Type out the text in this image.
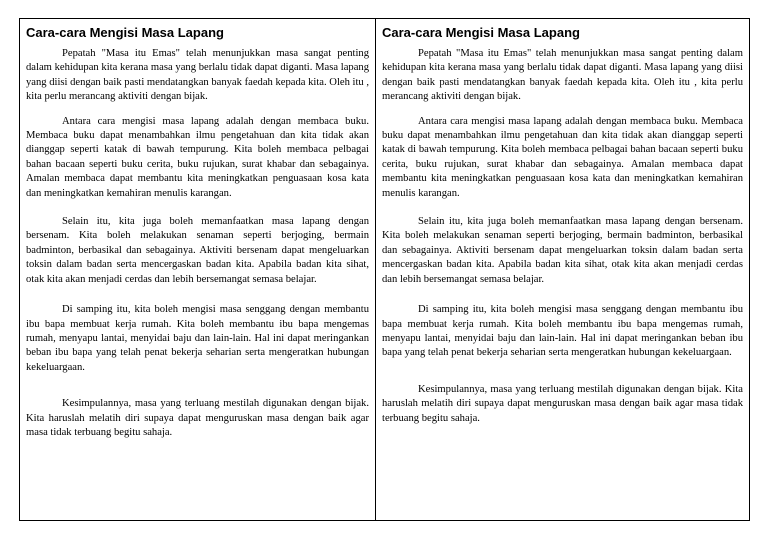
Cara-cara Mengisi Masa Lapang

Pepatah "Masa itu Emas" telah menunjukkan masa sangat penting dalam kehidupan kita kerana masa yang berlalu tidak dapat diganti. Masa lapang yang diisi dengan baik pasti mendatangkan banyak faedah kepada kita. Oleh itu , kita perlu merancang aktiviti dengan bijak.

Antara cara mengisi masa lapang adalah dengan membaca buku. Membaca buku dapat menambahkan ilmu pengetahuan dan kita tidak akan dianggap seperti katak di bawah tempurung. Kita boleh membaca pelbagai bahan bacaan seperti buku cerita, buku rujukan, surat khabar dan sebagainya. Amalan membaca dapat membantu kita meningkatkan penguasaan kosa kata dan meningkatkan kemahiran menulis karangan.

Selain itu, kita juga boleh memanfaatkan masa lapang dengan bersenam. Kita boleh melakukan senaman seperti berjoging, bermain badminton, berbasikal dan sebagainya. Aktiviti bersenam dapat mengeluarkan toksin dalam badan serta mencergaskan badan kita. Apabila badan kita sihat, otak kita akan menjadi cerdas dan lebih bersemangat semasa belajar.

Di samping itu, kita boleh mengisi masa senggang dengan membantu ibu bapa membuat kerja rumah. Kita boleh membantu ibu bapa mengemas rumah, menyapu lantai, menyidai baju dan lain-lain. Hal ini dapat meringankan beban ibu bapa yang telah penat bekerja seharian serta mengeratkan hubungan kekeluargaan.

Kesimpulannya, masa yang terluang mestilah digunakan dengan bijak. Kita haruslah melatih diri supaya dapat menguruskan masa dengan baik agar masa tidak terbuang begitu sahaja.

Cara-cara Mengisi Masa Lapang

Pepatah "Masa itu Emas" telah menunjukkan masa sangat penting dalam kehidupan kita kerana masa yang berlalu tidak dapat diganti. Masa lapang yang diisi dengan baik pasti mendatangkan banyak faedah kepada kita. Oleh itu , kita perlu merancang aktiviti dengan bijak.

Antara cara mengisi masa lapang adalah dengan membaca buku. Membaca buku dapat menambahkan ilmu pengetahuan dan kita tidak akan dianggap seperti katak di bawah tempurung. Kita boleh membaca pelbagai bahan bacaan seperti buku cerita, buku rujukan, surat khabar dan sebagainya. Amalan membaca dapat membantu kita meningkatkan penguasaan kosa kata dan meningkatkan kemahiran menulis karangan.

Selain itu, kita juga boleh memanfaatkan masa lapang dengan bersenam. Kita boleh melakukan senaman seperti berjoging, bermain badminton, berbasikal dan sebagainya. Aktiviti bersenam dapat mengeluarkan toksin dalam badan serta mencergaskan badan kita. Apabila badan kita sihat, otak kita akan menjadi cerdas dan lebih bersemangat semasa belajar.

Di samping itu, kita boleh mengisi masa senggang dengan membantu ibu bapa membuat kerja rumah. Kita boleh membantu ibu bapa mengemas rumah, menyapu lantai, menyidai baju dan lain-lain. Hal ini dapat meringankan beban ibu bapa yang telah penat bekerja seharian serta mengeratkan hubungan kekeluargaan.

Kesimpulannya, masa yang terluang mestilah digunakan dengan bijak. Kita haruslah melatih diri supaya dapat menguruskan masa dengan baik agar masa tidak terbuang begitu sahaja.
